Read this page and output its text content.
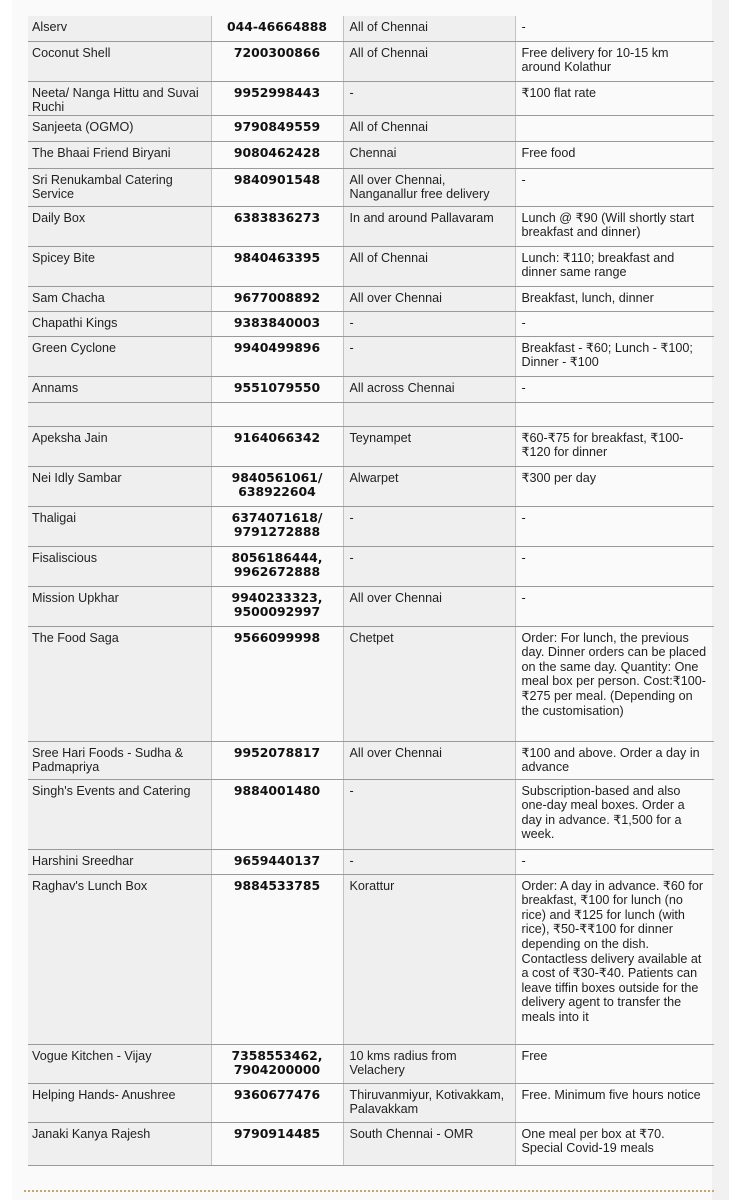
Alserv	044-46664888	All of Chennai	-
Coconut Shell	7200300866	All of Chennai	Free delivery for 10-15 km around Kolathur
Neeta/ Nanga Hittu and Suvai Ruchi	9952998443	-	₹100 flat rate
Sanjeeta (OGMO)	9790849559	All of Chennai	
The Bhaai Friend Biryani	9080462428	Chennai	Free food
Sri Renukambal Catering Service	9840901548	All over Chennai, Nanganallur free delivery	-
Daily Box	6383836273	In and around Pallavaram	Lunch @ ₹90 (Will shortly start breakfast and dinner)
Spicey Bite	9840463395	All of Chennai	Lunch: ₹110; breakfast and dinner same range
Sam Chacha	9677008892	All over Chennai	Breakfast, lunch, dinner
Chapathi Kings	9383840003	-	-
Green Cyclone	9940499896	-	Breakfast - ₹60; Lunch - ₹100; Dinner - ₹100
Annams	9551079550	All across Chennai	-

Apeksha Jain	9164066342	Teynampet	₹60-₹75 for breakfast, ₹100-₹120 for dinner
Nei Idly Sambar	9840561061/ 638922604	Alwarpet	₹300 per day
Thaligai	6374071618/ 9791272888	-	-
Fisaliscious	8056186444, 9962672888	-	-
Mission Upkhar	9940233323, 9500092997	All over Chennai	-
The Food Saga	9566099998	Chetpet	Order: For lunch, the previous day. Dinner orders can be placed on the same day. Quantity: One meal box per person. Cost:₹100- ₹275 per meal. (Depending on the customisation)
Sree Hari Foods - Sudha & Padmapriya	9952078817	All over Chennai	₹100 and above. Order a day in advance
Singh's Events and Catering	9884001480	-	Subscription-based and also one-day meal boxes. Order a day in advance. ₹1,500 for a week.
Harshini Sreedhar	9659440137	-	-
Raghav's Lunch Box	9884533785	Korattur	Order: A day in advance. ₹60 for breakfast, ₹100 for lunch (no rice) and ₹125 for lunch (with rice), ₹50-₹₹100 for dinner depending on the dish. Contactless delivery available at a cost of ₹30-₹40. Patients can leave tiffin boxes outside for the delivery agent to transfer the meals into it
Vogue Kitchen - Vijay	7358553462, 7904200000	10 kms radius from Velachery	Free
Helping Hands- Anushree	9360677476	Thiruvanmiyur, Kotivakkam, Palavakkam	Free. Minimum five hours notice
Janaki Kanya Rajesh	9790914485	South Chennai - OMR	One meal per box at ₹70. Special Covid-19 meals
